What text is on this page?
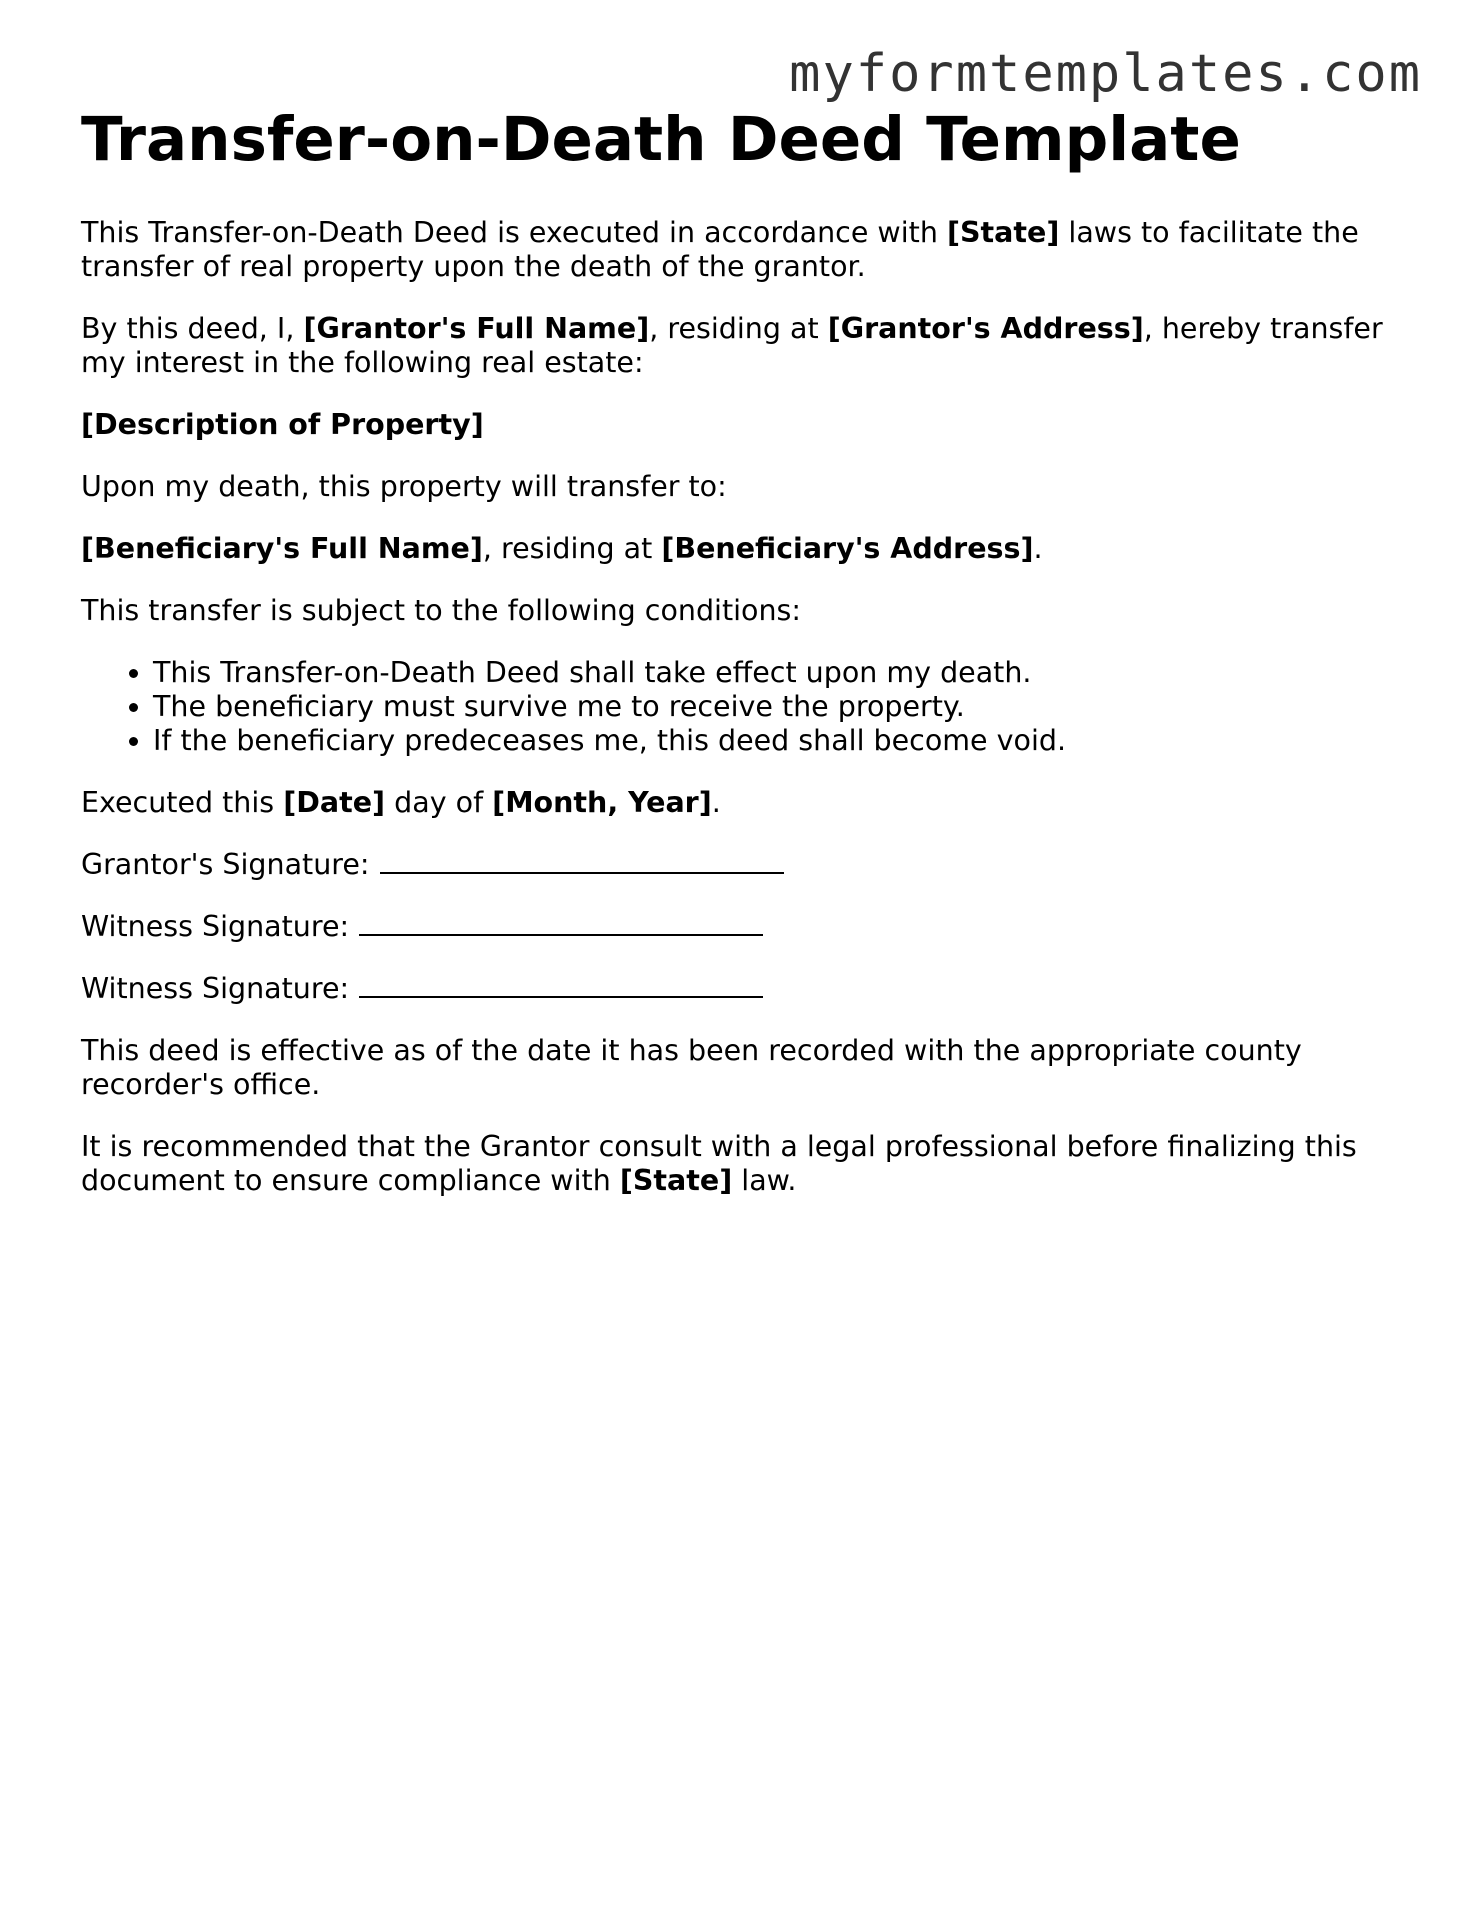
myformtemplates.com
Transfer-on-Death Deed Template

This Transfer-on-Death Deed is executed in accordance with [State] laws to facilitate the transfer of real property upon the death of the grantor.

By this deed, I, [Grantor's Full Name], residing at [Grantor's Address], hereby transfer my interest in the following real estate:

[Description of Property]

Upon my death, this property will transfer to:

[Beneficiary's Full Name], residing at [Beneficiary's Address].

This transfer is subject to the following conditions:

• This Transfer-on-Death Deed shall take effect upon my death.
• The beneficiary must survive me to receive the property.
• If the beneficiary predeceases me, this deed shall become void.

Executed this [Date] day of [Month, Year].

Grantor's Signature:

Witness Signature:

Witness Signature:

This deed is effective as of the date it has been recorded with the appropriate county recorder's office.

It is recommended that the Grantor consult with a legal professional before finalizing this document to ensure compliance with [State] law.
